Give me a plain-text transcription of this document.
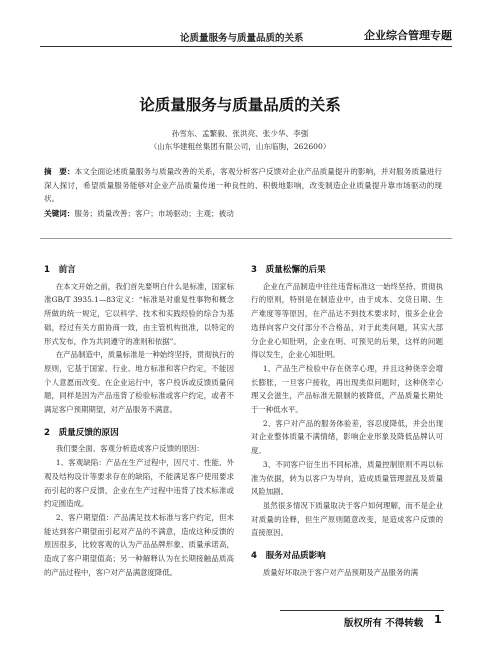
论质量服务与质量品质的关系	企业综合管理专题
论质量服务与质量品质的关系
孙雪东、孟繁毅、张洪亮、张少华、李强
（山东华建粗丝集团有限公司，山东临朐，262600）
摘　要：本文全面论述质量服务与质量改善的关系，客观分析客户反馈对企业产品质量提升的影响，并对服务质量进行深入探讨，希望质量服务能够对企业产品质量传递一种良性的、积极地影响，改变制造企业质量提升靠市场驱动的现状。
关键词：服务；质量改善；客户；市场驱动；主观；被动
1　前言

在本文开始之前，我们首先要明白什么是标准，国家标准GB/T 3935.1—83定义：“标准是对重复性事物和概念所做的统一规定，它以科学、技术和实践经验的综合为基础，经过有关方面协商一致，由主管机构批准，以特定的形式发布，作为共同遵守的准则和依据”。

在产品制造中，质量标准是一种始终坚持，贯彻执行的原则，它基于国家、行业、地方标准和客户约定，不能因个人意愿而改变。在企业运行中，客户投诉或反馈质量问题，同样是因为产品违背了检验标准或客户约定，或者不满足客户预期期望，对产品服务不满意。

2　质量反馈的原因

我们要全面、客观分析造成客户反馈的原因：

1、客观缺陷：产品在生产过程中，因尺寸、性能、外观及结构设计等要求存在的缺陷，不能满足客户使用要求而引起的客户反馈，企业在生产过程中违背了技术标准或约定圆造成。

2、客户期望值：产品满足技术标准与客户约定，但未能达到客户期望而引起对产品的不满意，造成这种反馈的原因很多，比较客观的认为产品品牌形象、质量承诺高，造成了客户期望值高；另一种解释认为在长期接触品质高的产品过程中，客户对产品满意度降低。

3　质量松懈的后果

企业在产品制造中往往违背标准这一始终坚持、贯彻执行的原则，特别是在制造业中，由于成本、交货日期、生产难度等等原因，在产品达不到技术要求时，很多企业会选择向客户交付部分不合格品，对于此类问题，其实大部分企业心知肚明，企业在明、可预见的后果，这样的问题得以发生，企业心知肚明。

1、产品生产检验中存在侥幸心理，并且这种侥幸会增长膨胀，一旦客户接收，再出现类似问题时，这种侥幸心理又会滋生，产品标准无限制的被降低，产品质量长期处于一种低水平。

2、客户对产品的服务体验差，容忍度降低，并会出现对企业整体质量不满情绪，影响企业形象及降低品牌认可度。

3、不同客户衍生出不同标准，质量控制原则不再以标准为依据，转为以客户为导向，造成质量管理混乱及质量风险加剧。

虽然很多情况下质量取决于客户如何理解，而不是企业对质量的诠释，但生产原则随意改变，是造成客户反馈的直接原因。

4　服务对品质影响

质量好坏取决于客户对产品预期及产品服务的满

版权所有 不得转载 1
